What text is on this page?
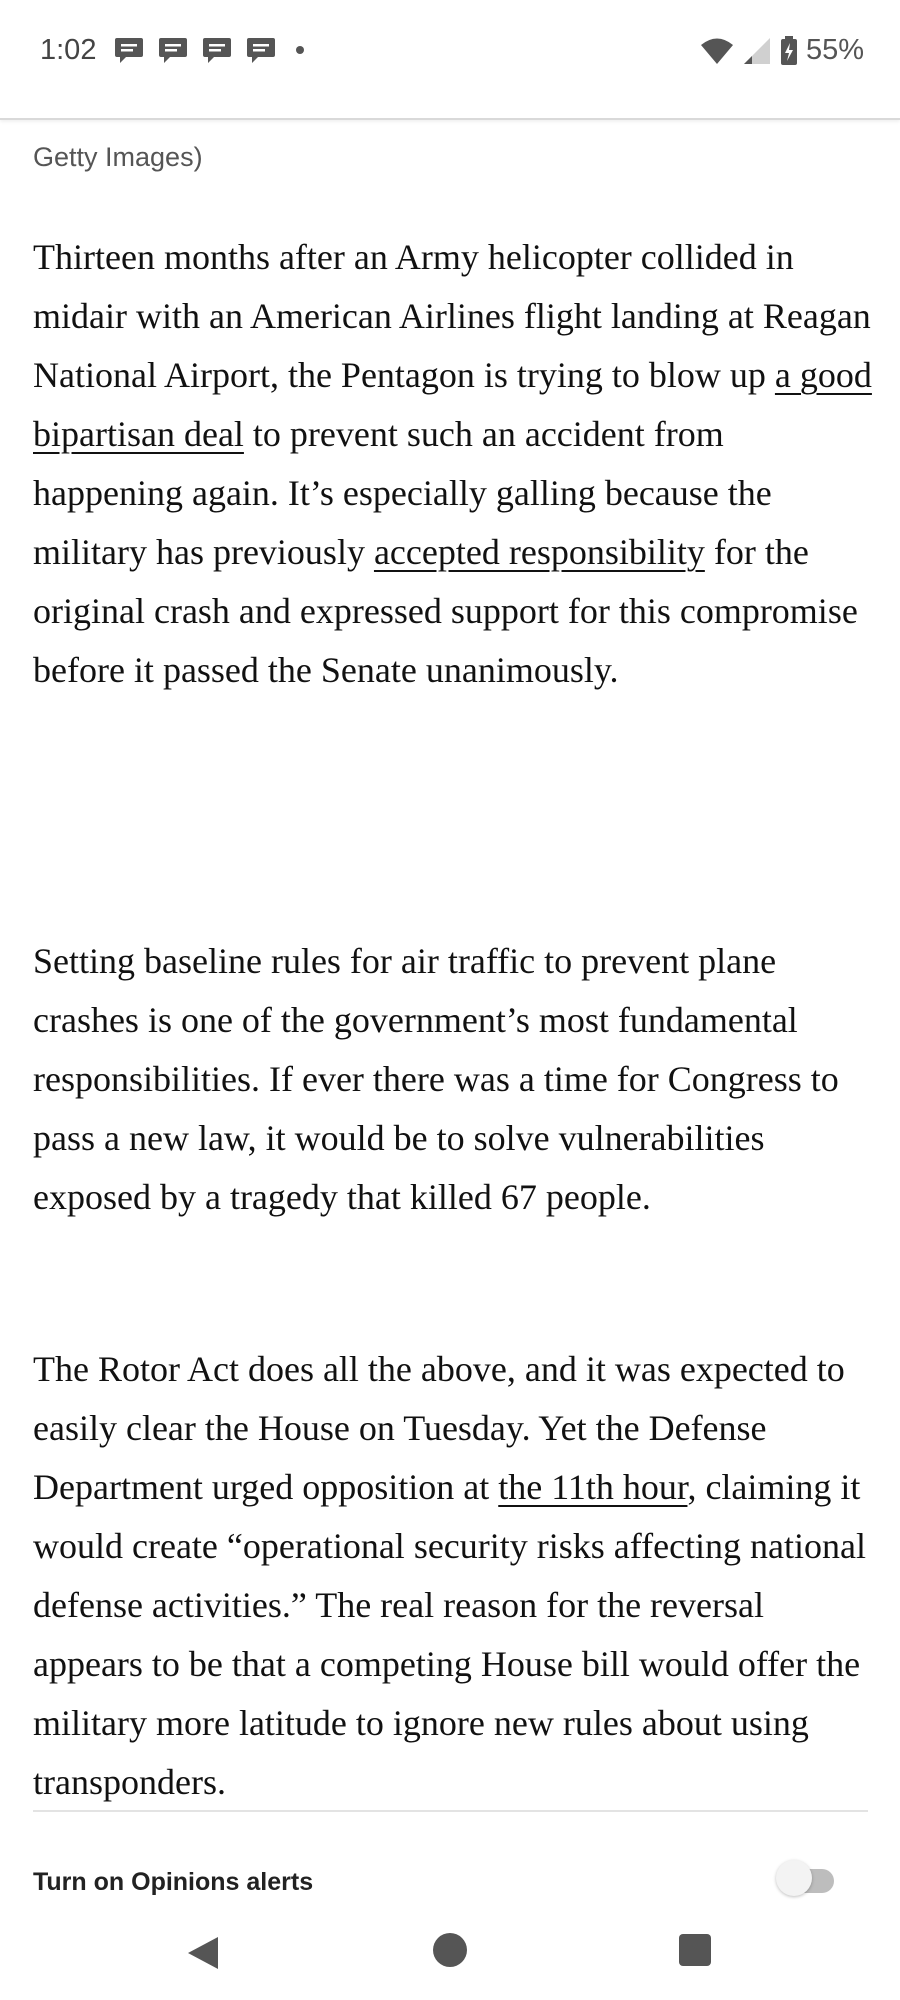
1:02	55%
Getty Images)

Thirteen months after an Army helicopter collided in midair with an American Airlines flight landing at Reagan National Airport, the Pentagon is trying to blow up a good bipartisan deal to prevent such an accident from happening again. It’s especially galling because the military has previously accepted responsibility for the original crash and expressed support for this compromise before it passed the Senate unanimously.

Setting baseline rules for air traffic to prevent plane crashes is one of the government’s most fundamental responsibilities. If ever there was a time for Congress to pass a new law, it would be to solve vulnerabilities exposed by a tragedy that killed 67 people.

The Rotor Act does all the above, and it was expected to easily clear the House on Tuesday. Yet the Defense Department urged opposition at the 11th hour, claiming it would create “operational security risks affecting national defense activities.” The real reason for the reversal appears to be that a competing House bill would offer the military more latitude to ignore new rules about using transponders.

Turn on Opinions alerts
